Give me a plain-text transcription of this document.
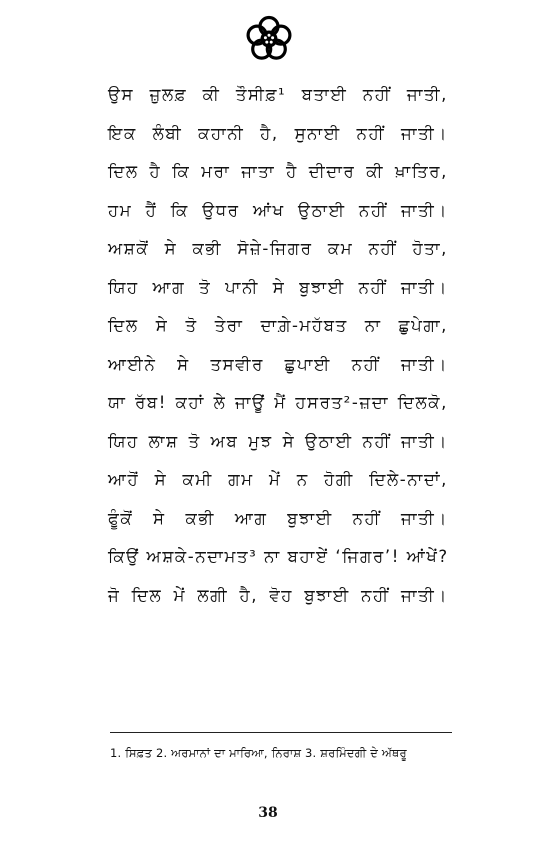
ਉਸ ਜ਼ੁਲਫ਼ ਕੀ ਤੌਸੀਫ਼¹ ਬਤਾਈ ਨਹੀਂ ਜਾਤੀ,
ਇਕ ਲੰਬੀ ਕਹਾਨੀ ਹੈ, ਸੁਨਾਈ ਨਹੀਂ ਜਾਤੀ।
ਦਿਲ ਹੈ ਕਿ ਮਰਾ ਜਾਤਾ ਹੈ ਦੀਦਾਰ ਕੀ ਖ਼ਾਤਿਰ,
ਹਮ ਹੈਂ ਕਿ ਉਧਰ ਆਂਖ ਉਠਾਈ ਨਹੀਂ ਜਾਤੀ।
ਅਸ਼ਕੋਂ ਸੇ ਕਭੀ ਸੋਜ਼ੇ-ਜਿਗਰ ਕਮ ਨਹੀਂ ਹੋਤਾ,
ਯਿਹ ਆਗ ਤੋ ਪਾਨੀ ਸੇ ਬੁਝਾਈ ਨਹੀਂ ਜਾਤੀ।
ਦਿਲ ਸੇ ਤੋ ਤੇਰਾ ਦਾਗ਼ੇ-ਮਹੱਬਤ ਨਾ ਛੁਪੇਗਾ,
ਆਈਨੇ ਸੇ ਤਸਵੀਰ ਛੁਪਾਈ ਨਹੀਂ ਜਾਤੀ।
ਯਾ ਰੱਬ! ਕਹਾਂ ਲੇ ਜਾਊਂ ਮੈਂ ਹਸਰਤ²-ਜ਼ਦਾ ਦਿਲਕੋ,
ਯਿਹ ਲਾਸ਼ ਤੋ ਅਬ ਮੁਝ ਸੇ ਉਠਾਈ ਨਹੀਂ ਜਾਤੀ।
ਆਹੋਂ ਸੇ ਕਮੀ ਗਮ ਮੇਂ ਨ ਹੋਗੀ ਦਿਲੇ-ਨਾਦਾਂ,
ਫੂੰਕੋਂ ਸੇ ਕਭੀ ਆਗ ਬੁਝਾਈ ਨਹੀਂ ਜਾਤੀ।
ਕਿਉਂ ਅਸ਼ਕੇ-ਨਦਾਮਤ³ ਨਾ ਬਹਾਏਂ ‘ਜਿਗਰ’! ਆਂਖੇਂ?
ਜੋ ਦਿਲ ਮੇਂ ਲਗੀ ਹੈ, ਵੋਹ ਬੁਝਾਈ ਨਹੀਂ ਜਾਤੀ।
1. ਸਿਫ਼ਤ 2. ਅਰਮਾਨਾਂ ਦਾ ਮਾਰਿਆ, ਨਿਰਾਸ਼ 3. ਸ਼ਰਮਿੰਦਗੀ ਦੇ ਅੱਥਰੂ
38
